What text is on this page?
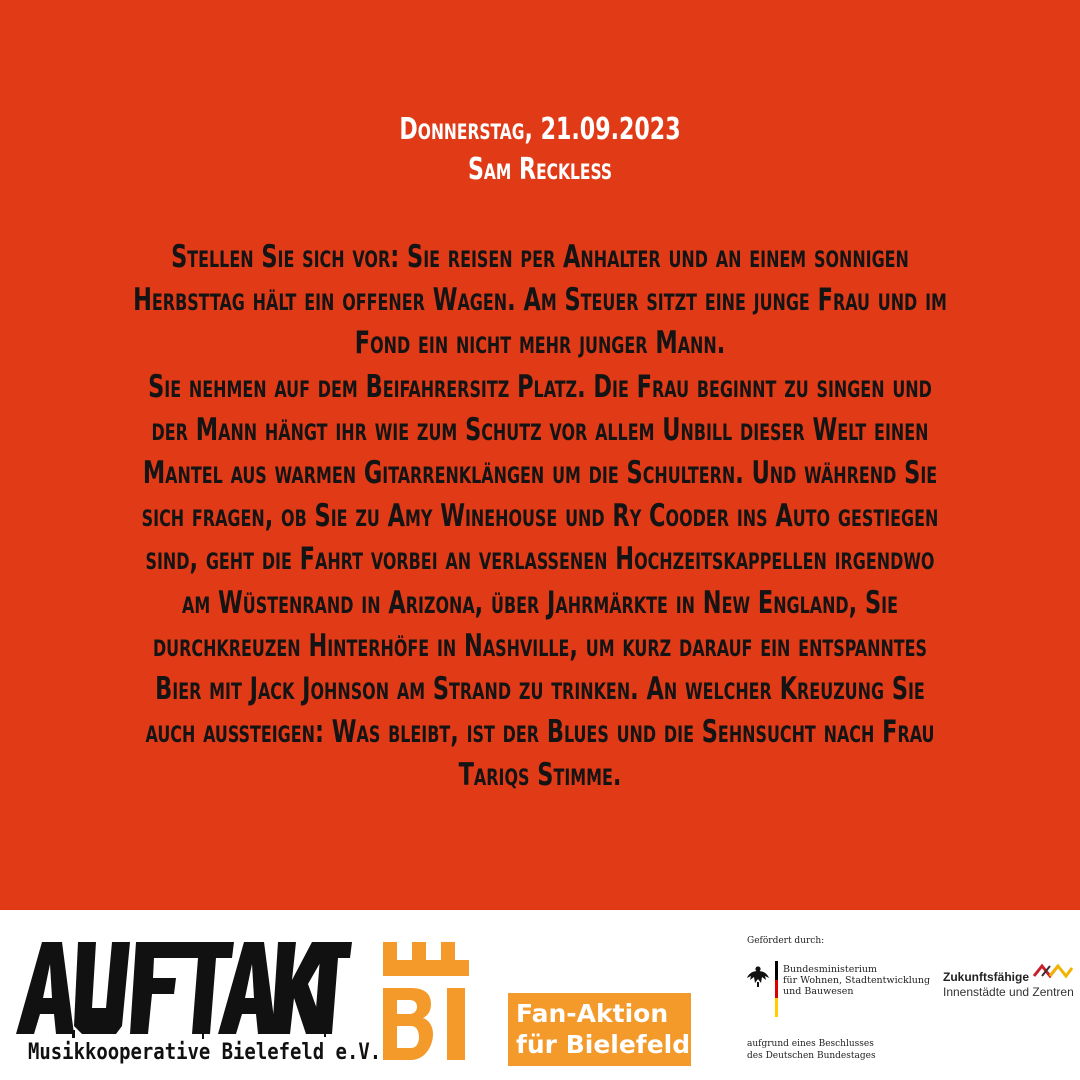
Donnerstag, 21.09.2023
Sam Reckless
Stellen Sie sich vor: Sie reisen per Anhalter und an einem sonnigen
Herbsttag hält ein offener Wagen. Am Steuer sitzt eine junge Frau und im
Fond ein nicht mehr junger Mann.
Sie nehmen auf dem Beifahrersitz Platz. Die Frau beginnt zu singen und
der Mann hängt ihr wie zum Schutz vor allem Unbill dieser Welt einen
Mantel aus warmen Gitarrenklängen um die Schultern. Und während Sie
sich fragen, ob Sie zu Amy Winehouse und Ry Cooder ins Auto gestiegen
sind, geht die Fahrt vorbei an verlassenen Hochzeitskappellen irgendwo
am Wüstenrand in Arizona, über Jahrmärkte in New England, Sie
durchkreuzen Hinterhöfe in Nashville, um kurz darauf ein entspanntes
Bier mit Jack Johnson am Strand zu trinken. An welcher Kreuzung Sie
auch aussteigen: Was bleibt, ist der Blues und die Sehnsucht nach Frau
Tariqs Stimme.
Musikkooperative Bielefeld e.V.
Fan-Aktion
für Bielefeld
Gefördert durch:
Bundesministerium
für Wohnen, Stadtentwicklung
und Bauwesen
aufgrund eines Beschlusses
des Deutschen Bundestages
Zukunftsfähige
Innenstädte und Zentren
